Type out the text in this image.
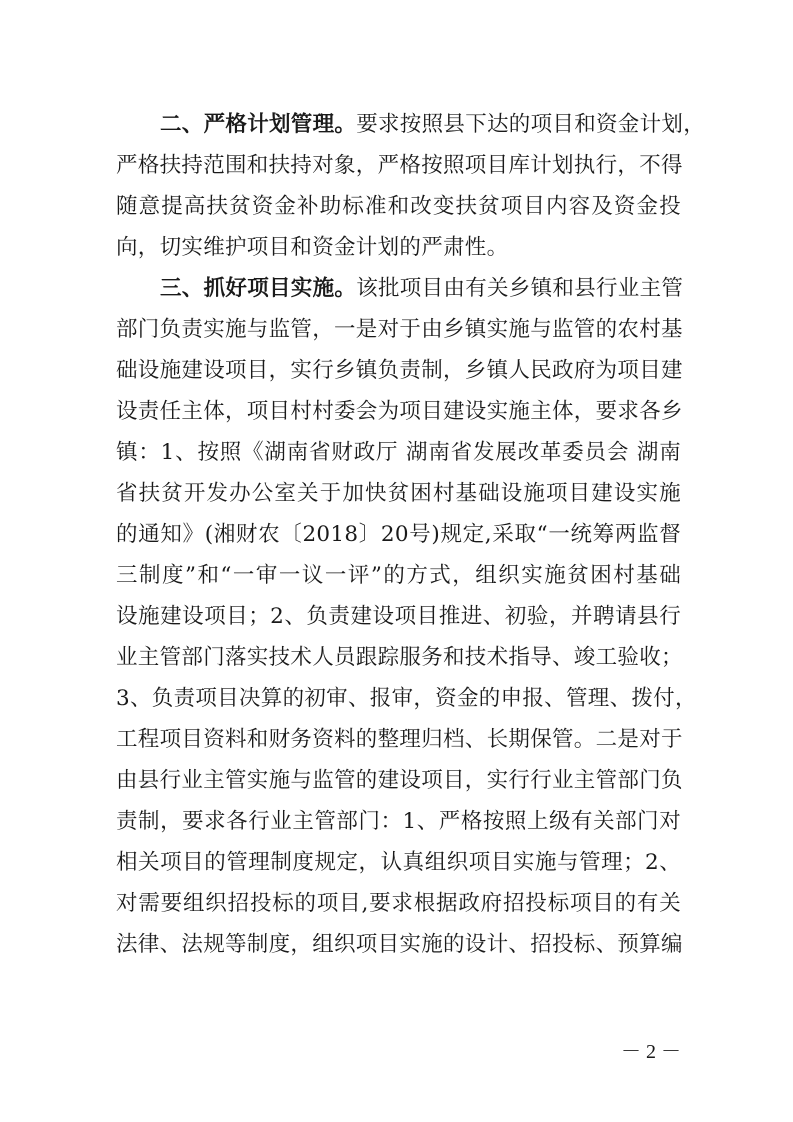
二、严格计划管理。要求按照县下达的项目和资金计划，
严格扶持范围和扶持对象，严格按照项目库计划执行，不得
随意提高扶贫资金补助标准和改变扶贫项目内容及资金投
向，切实维护项目和资金计划的严肃性。
三、抓好项目实施。该批项目由有关乡镇和县行业主管
部门负责实施与监管，一是对于由乡镇实施与监管的农村基
础设施建设项目，实行乡镇负责制，乡镇人民政府为项目建
设责任主体，项目村村委会为项目建设实施主体，要求各乡
镇：1、按照《湖南省财政厅 湖南省发展改革委员会 湖南
省扶贫开发办公室关于加快贫困村基础设施项目建设实施
的通知》(湘财农〔2018〕20号)规定,采取“一统筹两监督
三制度”和“一审一议一评”的方式，组织实施贫困村基础
设施建设项目；2、负责建设项目推进、初验，并聘请县行
业主管部门落实技术人员跟踪服务和技术指导、竣工验收；
3、负责项目决算的初审、报审，资金的申报、管理、拨付，
工程项目资料和财务资料的整理归档、长期保管。二是对于
由县行业主管实施与监管的建设项目，实行行业主管部门负
责制，要求各行业主管部门：1、严格按照上级有关部门对
相关项目的管理制度规定，认真组织项目实施与管理；2、
对需要组织招投标的项目,要求根据政府招投标项目的有关
法律、法规等制度，组织项目实施的设计、招投标、预算编
－ 2 －
